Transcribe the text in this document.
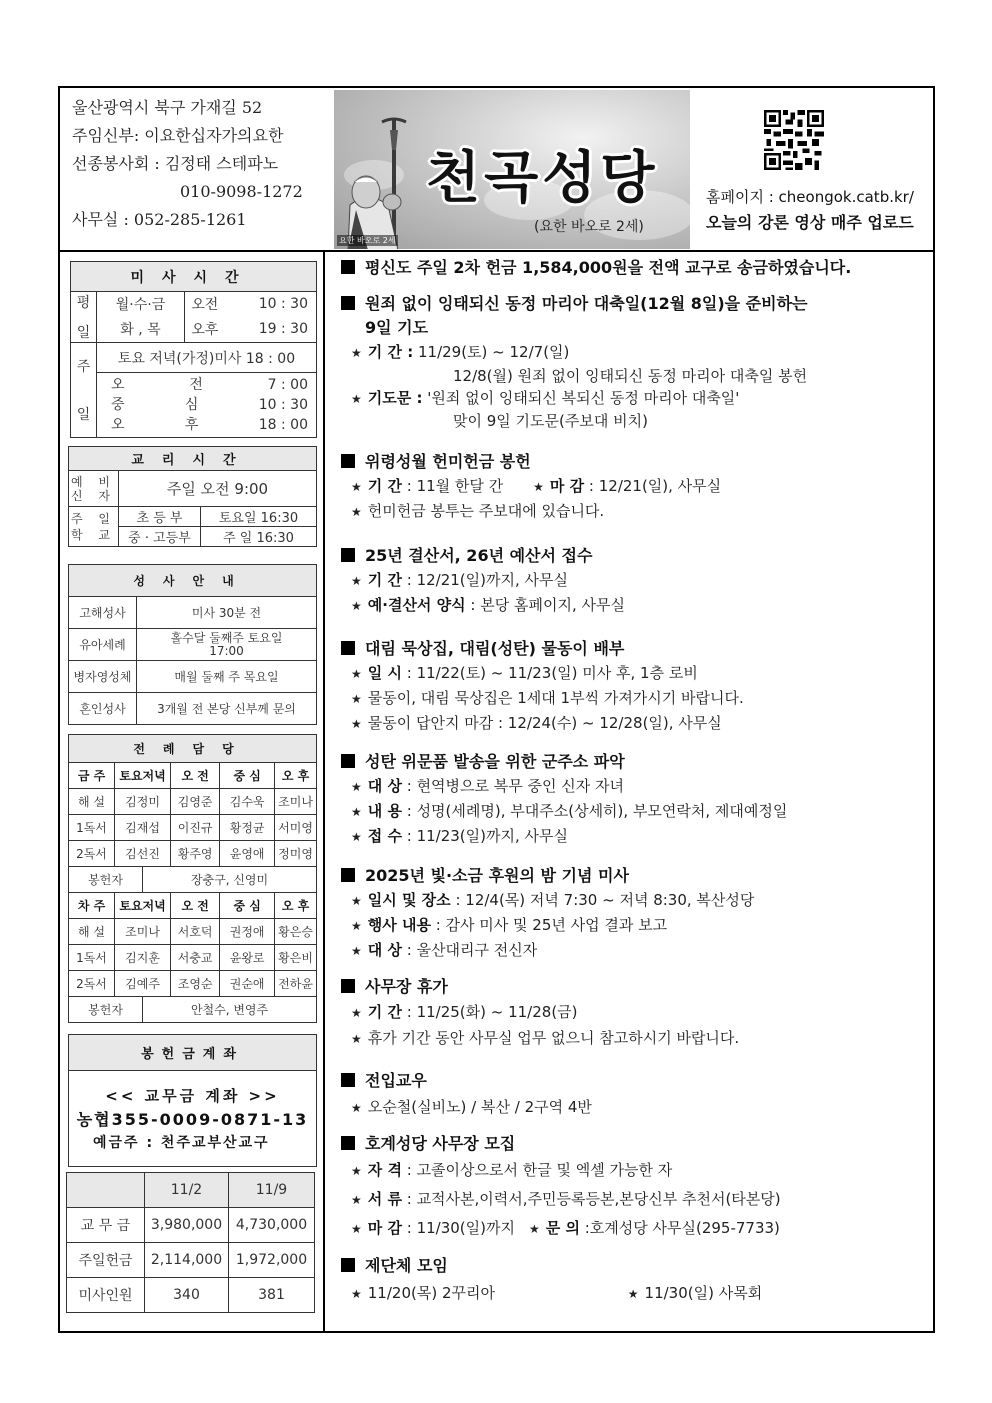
울산광역시 북구 가재길 52
주임신부: 이요한십자가의요한
선종봉사회 : 김정태 스테파노
010-9098-1272
사무실 : 052-285-1261
천곡성당
(요한 바오로 2세)
요한 바오로 2세
홈페이지 : cheongok.catb.kr/
오늘의 강론 영상 매주 업로드
미사시간			

평
일	월·수·금	오전	10 : 30
	화 , 목	오후	19 : 30

주
일	토요 저녁(가정)미사 18 : 00		

오	전	7 : 00
중	심	10 : 30
오	후	18 : 00
교리시간		
예 비 신 자	주일 오전 9:00	
주 일 학 교	초 등 부	토요일 16:30
	중 · 고등부	주 일 16:30
성사안내	
고해성사	미사 30분 전
유아세례	홀수달 둘째주 토요일 17:00
병자영성체	매월 둘째 주 목요일
혼인성사	3개월 전 본당 신부께 문의
전례담당					
금 주	토요저녁		오 전	중 심	오 후
해 설	김정미		김영준	김수욱	조미나
1독서	김재섭		이진규	황정균	서미영
2독서	김선진		황주영	윤영애	정미영
봉헌자		장충구, 신영미			
차 주	토요저녁		오 전	중 심	오 후
해 설	조미나		서호덕	권정애	황은승
1독서	김지훈		서충교	윤왕로	황은비
2독서	김예주		조영순	권순애	전하윤
봉헌자		안철수, 변영주			
봉헌금계좌

<< 교무금 계좌 >>
농협355-0009-0871-13
예금주 : 천주교부산교구
	11/2	11/9
교 무 금	3,980,000	4,730,000
주일헌금	2,114,000	1,972,000
미사인원	340	381
평신도 주일 2차 헌금 1,584,000원을 전액 교구로 송금하였습니다.
원죄 없이 잉태되신 동정 마리아 대축일(12월 8일)을 준비하는
9일 기도
★ 기 간 : 11/29(토) ~ 12/7(일)
12/8(월) 원죄 없이 잉태되신 동정 마리아 대축일 봉헌
★ 기도문 : '원죄 없이 잉태되신 복되신 동정 마리아 대축일'
맞이 9일 기도문(주보대 비치)
위령성월 헌미헌금 봉헌
★ 기 간 : 11월 한달 간	★ 마 감 : 12/21(일), 사무실
★ 헌미헌금 봉투는 주보대에 있습니다.
25년 결산서, 26년 예산서 접수
★ 기 간 : 12/21(일)까지, 사무실
★ 예·결산서 양식 : 본당 홈페이지, 사무실
대림 묵상집, 대림(성탄) 물동이 배부
★ 일 시 : 11/22(토) ~ 11/23(일) 미사 후, 1층 로비
★ 물동이, 대림 묵상집은 1세대 1부씩 가져가시기 바랍니다.
★ 물동이 답안지 마감 : 12/24(수) ~ 12/28(일), 사무실
성탄 위문품 발송을 위한 군주소 파악
★ 대 상 : 현역병으로 복무 중인 신자 자녀
★ 내 용 : 성명(세례명), 부대주소(상세히), 부모연락처, 제대예정일
★ 접 수 : 11/23(일)까지, 사무실
2025년 빛·소금 후원의 밤 기념 미사
★ 일시 및 장소 : 12/4(목) 저녁 7:30 ~ 저녁 8:30, 복산성당
★ 행사 내용 : 감사 미사 및 25년 사업 결과 보고
★ 대 상 : 울산대리구 전신자
사무장 휴가
★ 기 간 : 11/25(화) ~ 11/28(금)
★ 휴가 기간 동안 사무실 업무 없으니 참고하시기 바랍니다.
전입교우
★ 오순철(실비노) / 복산 / 2구역 4반
호계성당 사무장 모집
★ 자 격 : 고졸이상으로서 한글 및 엑셀 가능한 자
★ 서 류 : 교적사본,이력서,주민등록등본,본당신부 추천서(타본당)
★ 마 감 : 11/30(일)까지 ★ 문 의 :호계성당 사무실(295-7733)
제단체 모임
★ 11/20(목) 2꾸리아	★ 11/30(일) 사목회
